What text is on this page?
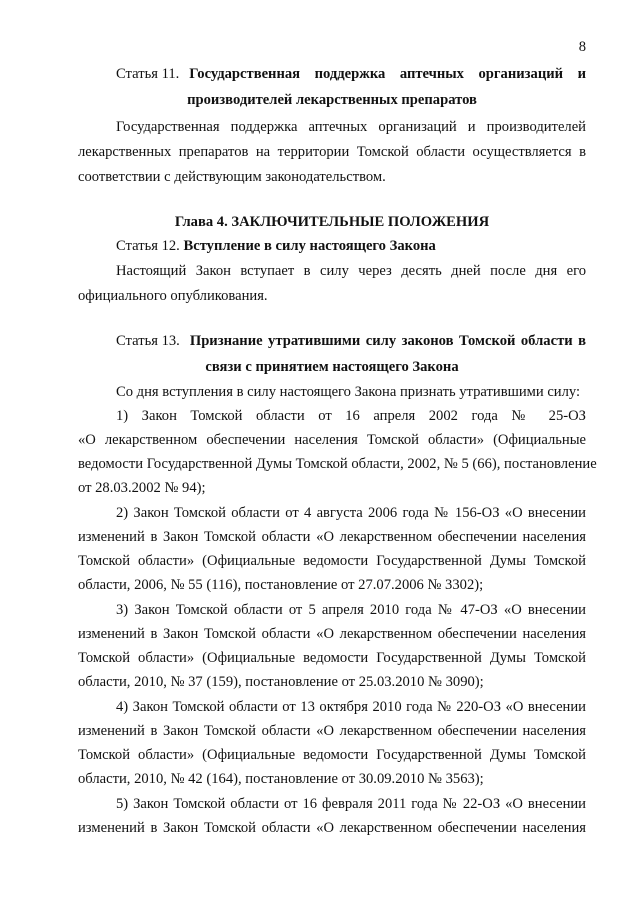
8
Статья 11. Государственная поддержка аптечных организаций и
производителей лекарственных препаратов
Государственная поддержка аптечных организаций и производителей
лекарственных препаратов на территории Томской области осуществляется в
соответствии с действующим законодательством.
Глава 4. ЗАКЛЮЧИТЕЛЬНЫЕ ПОЛОЖЕНИЯ
Статья 12. Вступление в силу настоящего Закона
Настоящий Закон вступает в силу через десять дней после дня его
официального опубликования.
Статья 13. Признание утратившими силу законов Томской области в
связи с принятием настоящего Закона
Со дня вступления в силу настоящего Закона признать утратившими силу:
1) Закон Томской области от 16 апреля 2002 года № 25-ОЗ
«О лекарственном обеспечении населения Томской области» (Официальные
ведомости Государственной Думы Томской области, 2002, № 5 (66), постановление
от 28.03.2002 № 94);
2) Закон Томской области от 4 августа 2006 года № 156-ОЗ «О внесении
изменений в Закон Томской области «О лекарственном обеспечении населения
Томской области» (Официальные ведомости Государственной Думы Томской
области, 2006, № 55 (116), постановление от 27.07.2006 № 3302);
3) Закон Томской области от 5 апреля 2010 года № 47-ОЗ «О внесении
изменений в Закон Томской области «О лекарственном обеспечении населения
Томской области» (Официальные ведомости Государственной Думы Томской
области, 2010, № 37 (159), постановление от 25.03.2010 № 3090);
4) Закон Томской области от 13 октября 2010 года № 220-ОЗ «О внесении
изменений в Закон Томской области «О лекарственном обеспечении населения
Томской области» (Официальные ведомости Государственной Думы Томской
области, 2010, № 42 (164), постановление от 30.09.2010 № 3563);
5) Закон Томской области от 16 февраля 2011 года № 22-ОЗ «О внесении
изменений в Закон Томской области «О лекарственном обеспечении населения
